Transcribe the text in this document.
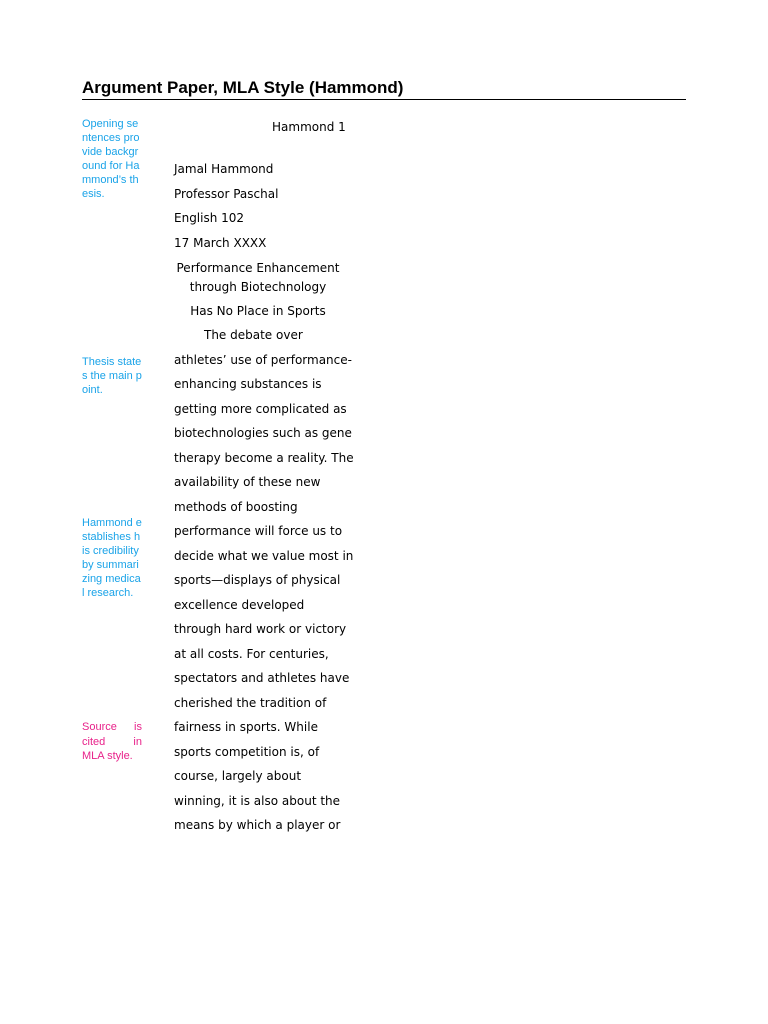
Argument Paper, MLA Style (Hammond)
Opening sentences provide background for Hammond’s thesis.
Thesis states the main point.
Hammond establishes his credibility by summarizing medical research.
Source is cited in MLA style.
Hammond 1
Jamal Hammond
Professor Paschal
English 102
17 March XXXX
Performance Enhancement through Biotechnology
Has No Place in Sports
The debate over
athletes’ use of performance-
enhancing substances is
getting more complicated as
biotechnologies such as gene
therapy become a reality. The
availability of these new
methods of boosting
performance will force us to
decide what we value most in
sports—displays of physical
excellence developed
through hard work or victory
at all costs. For centuries,
spectators and athletes have
cherished the tradition of
fairness in sports. While
sports competition is, of
course, largely about
winning, it is also about the
means by which a player or
